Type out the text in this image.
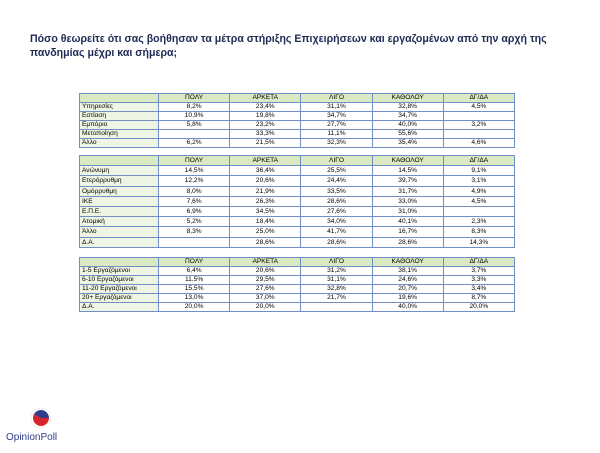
Πόσο θεωρείτε ότι σας βοήθησαν τα μέτρα στήριξης Επιχειρήσεων και εργαζομένων από την αρχή της πανδημίας μέχρι και σήμερα;
	ΠΟΛΥ	ΑΡΚΕΤΑ	ΛΙΓΟ	ΚΑΘΟΛΟΥ	ΔΓ/ΔΑ
Υπηρεσίες	8,2%	23,4%	31,1%	32,8%	4,5%
Εστίαση	10,9%	19,8%	34,7%	34,7%	
Εμπόριο	5,8%	23,2%	27,7%	40,0%	3,2%
Μεταποίηση		33,3%	11,1%	55,6%	
Άλλο	6,2%	21,5%	32,3%	35,4%	4,6%
	ΠΟΛΥ	ΑΡΚΕΤΑ	ΛΙΓΟ	ΚΑΘΟΛΟΥ	ΔΓ/ΔΑ
Ανώνυμη	14,5%	36,4%	25,5%	14,5%	9,1%
Ετερόρρυθμη	12,2%	20,6%	24,4%	39,7%	3,1%
Ομόρρυθμη	8,0%	21,9%	33,5%	31,7%	4,9%
ΙΚΕ	7,6%	26,3%	28,6%	33,0%	4,5%
Ε.Π.Ε.	6,9%	34,5%	27,6%	31,0%	
Ατομική	5,2%	18,4%	34,0%	40,1%	2,3%
Άλλο	8,3%	25,0%	41,7%	16,7%	8,3%
Δ.Α.		28,6%	28,6%	28,6%	14,3%
	ΠΟΛΥ	ΑΡΚΕΤΑ	ΛΙΓΟ	ΚΑΘΟΛΟΥ	ΔΓ/ΔΑ
1-5 Εργαζόμενοι	6,4%	20,6%	31,2%	38,1%	3,7%
6-10 Εργαζόμενοι	11,5%	29,5%	31,1%	24,6%	3,3%
11-20 Εργαζόμενοι	15,5%	27,6%	32,8%	20,7%	3,4%
20+ Εργαζόμενοι	13,0%	37,0%	21,7%	19,6%	8,7%
Δ.Α.	20,0%	20,0%		40,0%	20,0%
OpinionPoll
